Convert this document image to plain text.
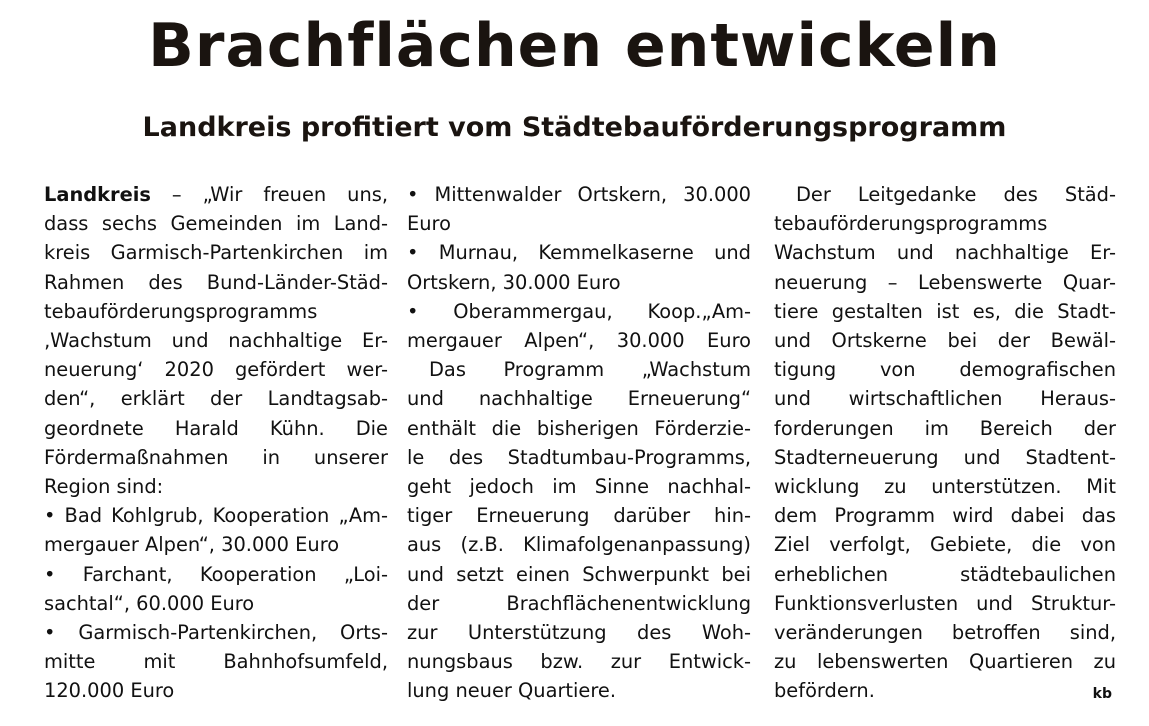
Brachflächen entwickeln
Landkreis profitiert vom Städtebauförderungsprogramm
Landkreis – „Wir freuen uns,
dass sechs Gemeinden im Land-
kreis Garmisch-Partenkirchen im
Rahmen des Bund-Länder-Städ-
tebauförderungsprogramms
‚Wachstum und nachhaltige Er-
neuerung‘ 2020 gefördert wer-
den“, erklärt der Landtagsab-
geordnete Harald Kühn. Die
Fördermaßnahmen in unserer
Region sind:
• Bad Kohlgrub, Kooperation „Am-
mergauer Alpen“, 30.000 Euro
• Farchant, Kooperation „Loi-
sachtal“, 60.000 Euro
• Garmisch-Partenkirchen, Orts-
mitte mit Bahnhofsumfeld,
120.000 Euro
• Mittenwalder Ortskern, 30.000
Euro
• Murnau, Kemmelkaserne und
Ortskern, 30.000 Euro
• Oberammergau, Koop.„Am-
mergauer Alpen“, 30.000 Euro
Das Programm „Wachstum
und nachhaltige Erneuerung“
enthält die bisherigen Förderzie-
le des Stadtumbau-Programms,
geht jedoch im Sinne nachhal-
tiger Erneuerung darüber hin-
aus (z.B. Klimafolgenanpassung)
und setzt einen Schwerpunkt bei
der Brachflächenentwicklung
zur Unterstützung des Woh-
nungsbaus bzw. zur Entwick-
lung neuer Quartiere.
Der Leitgedanke des Städ-
tebauförderungsprogramms
Wachstum und nachhaltige Er-
neuerung – Lebenswerte Quar-
tiere gestalten ist es, die Stadt-
und Ortskerne bei der Bewäl-
tigung von demografischen
und wirtschaftlichen Heraus-
forderungen im Bereich der
Stadterneuerung und Stadtent-
wicklung zu unterstützen. Mit
dem Programm wird dabei das
Ziel verfolgt, Gebiete, die von
erheblichen städtebaulichen
Funktionsverlusten und Struktur-
veränderungen betroffen sind,
zu lebenswerten Quartieren zu
befördern.	kb
